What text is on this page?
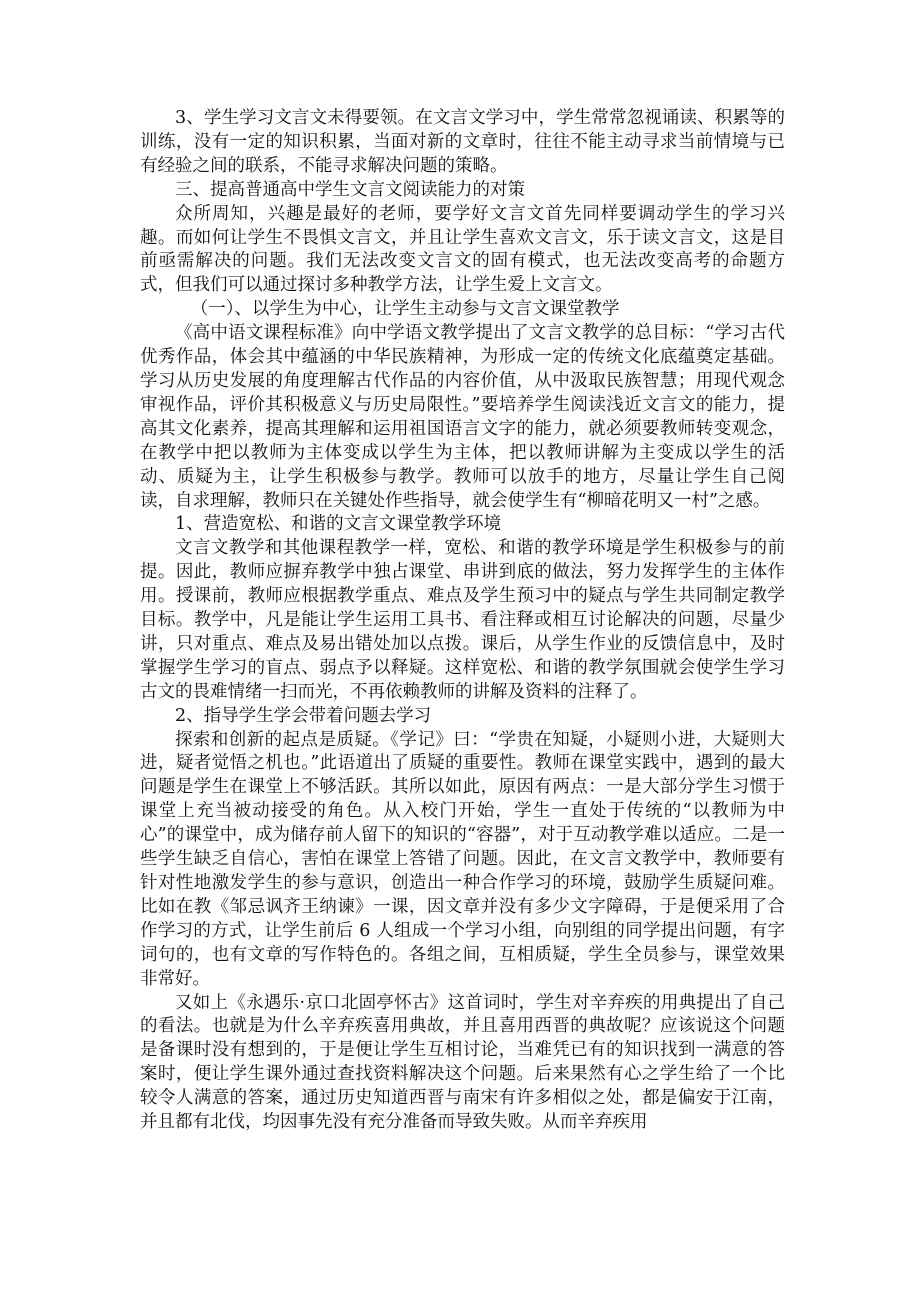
3、学生学习文言文未得要领。在文言文学习中，学生常常忽视诵读、积累等的训练，没有一定的知识积累，当面对新的文章时，往往不能主动寻求当前情境与已有经验之间的联系，不能寻求解决问题的策略。

三、提高普通高中学生文言文阅读能力的对策

众所周知，兴趣是最好的老师，要学好文言文首先同样要调动学生的学习兴趣。而如何让学生不畏惧文言文，并且让学生喜欢文言文，乐于读文言文，这是目前亟需解决的问题。我们无法改变文言文的固有模式，也无法改变高考的命题方式，但我们可以通过探讨多种教学方法，让学生爱上文言文。

（一）、以学生为中心，让学生主动参与文言文课堂教学

《高中语文课程标准》向中学语文教学提出了文言文教学的总目标：“学习古代优秀作品，体会其中蕴涵的中华民族精神，为形成一定的传统文化底蕴奠定基础。学习从历史发展的角度理解古代作品的内容价值，从中汲取民族智慧；用现代观念审视作品，评价其积极意义与历史局限性。”要培养学生阅读浅近文言文的能力，提高其文化素养，提高其理解和运用祖国语言文字的能力，就必须要教师转变观念，在教学中把以教师为主体变成以学生为主体，把以教师讲解为主变成以学生的活动、质疑为主，让学生积极参与教学。教师可以放手的地方，尽量让学生自己阅读，自求理解，教师只在关键处作些指导，就会使学生有“柳暗花明又一村”之感。

1、营造宽松、和谐的文言文课堂教学环境

文言文教学和其他课程教学一样，宽松、和谐的教学环境是学生积极参与的前提。因此，教师应摒弃教学中独占课堂、串讲到底的做法，努力发挥学生的主体作用。授课前，教师应根据教学重点、难点及学生预习中的疑点与学生共同制定教学目标。教学中，凡是能让学生运用工具书、看注释或相互讨论解决的问题，尽量少讲，只对重点、难点及易出错处加以点拨。课后，从学生作业的反馈信息中，及时掌握学生学习的盲点、弱点予以释疑。这样宽松、和谐的教学氛围就会使学生学习古文的畏难情绪一扫而光，不再依赖教师的讲解及资料的注释了。

2、指导学生学会带着问题去学习

探索和创新的起点是质疑。《学记》曰：“学贵在知疑，小疑则小进，大疑则大进，疑者觉悟之机也。”此语道出了质疑的重要性。教师在课堂实践中，遇到的最大问题是学生在课堂上不够活跃。其所以如此，原因有两点：一是大部分学生习惯于课堂上充当被动接受的角色。从入校门开始，学生一直处于传统的“以教师为中心”的课堂中，成为储存前人留下的知识的“容器”，对于互动教学难以适应。二是一些学生缺乏自信心，害怕在课堂上答错了问题。因此，在文言文教学中，教师要有针对性地激发学生的参与意识，创造出一种合作学习的环境，鼓励学生质疑问难。比如在教《邹忌讽齐王纳谏》一课，因文章并没有多少文字障碍，于是便采用了合作学习的方式，让学生前后 6 人组成一个学习小组，向别组的同学提出问题，有字词句的，也有文章的写作特色的。各组之间，互相质疑，学生全员参与，课堂效果非常好。

又如上《永遇乐·京口北固亭怀古》这首词时，学生对辛弃疾的用典提出了自己的看法。也就是为什么辛弃疾喜用典故，并且喜用西晋的典故呢？应该说这个问题是备课时没有想到的，于是便让学生互相讨论，当难凭已有的知识找到一满意的答案时，便让学生课外通过查找资料解决这个问题。后来果然有心之学生给了一个比较令人满意的答案，通过历史知道西晋与南宋有许多相似之处，都是偏安于江南，并且都有北伐，均因事先没有充分准备而导致失败。从而辛弃疾用
